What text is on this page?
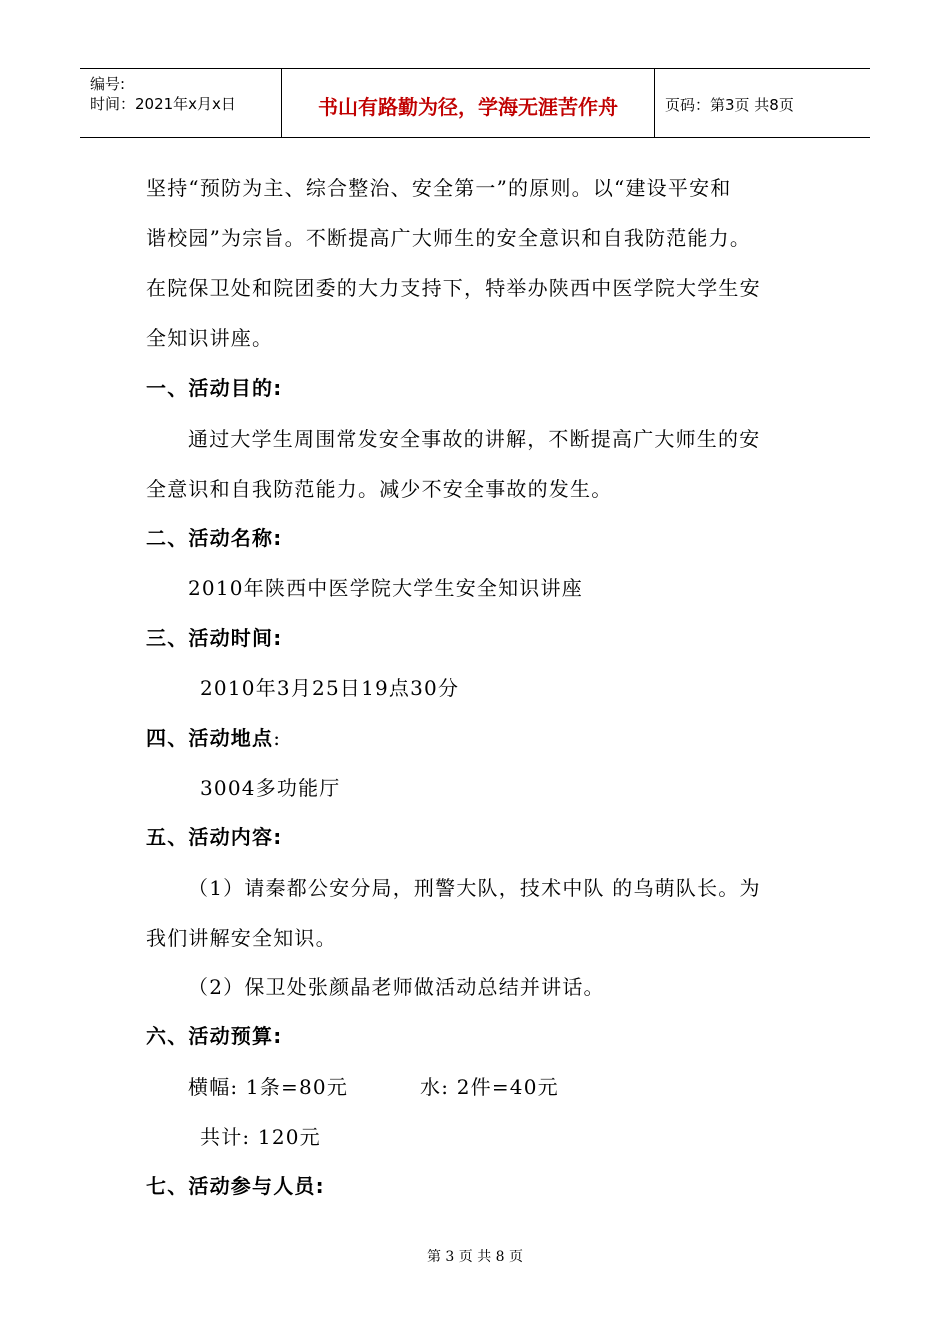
编号:
时间：2021年x月x日	书山有路勤为径，学海无涯苦作舟	页码：第3页 共8页
坚持“预防为主、综合整治、安全第一”的原则。以“建设平安和
谐校园”为宗旨。不断提高广大师生的安全意识和自我防范能力。
在院保卫处和院团委的大力支持下，特举办陕西中医学院大学生安
全知识讲座。
一、活动目的:
通过大学生周围常发安全事故的讲解，不断提高广大师生的安
全意识和自我防范能力。减少不安全事故的发生。
二、活动名称:
2010年陕西中医学院大学生安全知识讲座
三、活动时间:
2010年3月25日19点30分
四、活动地点:
3004多功能厅
五、活动内容:
（1）请秦都公安分局，刑警大队，技术中队 的乌萌队长。为
我们讲解安全知识。
（2）保卫处张颜晶老师做活动总结并讲话。
六、活动预算:
横幅: 1条=80元	水: 2件=40元
共计: 120元
七、活动参与人员:
第 3 页 共 8 页
